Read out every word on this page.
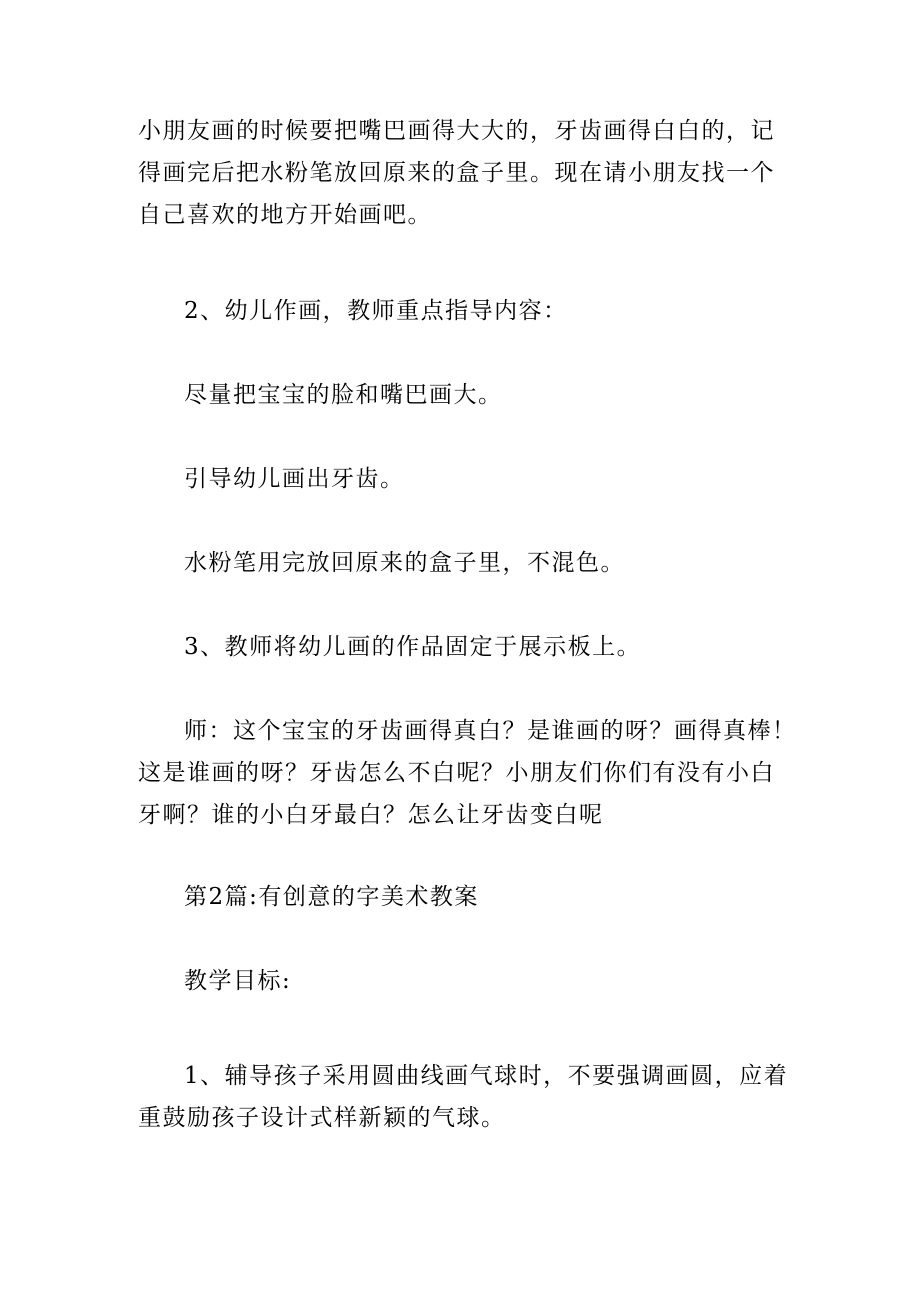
小朋友画的时候要把嘴巴画得大大的，牙齿画得白白的，记得画完后把水粉笔放回原来的盒子里。现在请小朋友找一个自己喜欢的地方开始画吧。

2、幼儿作画，教师重点指导内容：

尽量把宝宝的脸和嘴巴画大。

引导幼儿画出牙齿。

水粉笔用完放回原来的盒子里，不混色。

3、教师将幼儿画的作品固定于展示板上。

师：这个宝宝的牙齿画得真白？是谁画的呀？画得真棒！这是谁画的呀？牙齿怎么不白呢？小朋友们你们有没有小白牙啊？谁的小白牙最白？怎么让牙齿变白呢

第2篇:有创意的字美术教案

教学目标:

1、辅导孩子采用圆曲线画气球时，不要强调画圆，应着重鼓励孩子设计式样新颖的气球。
